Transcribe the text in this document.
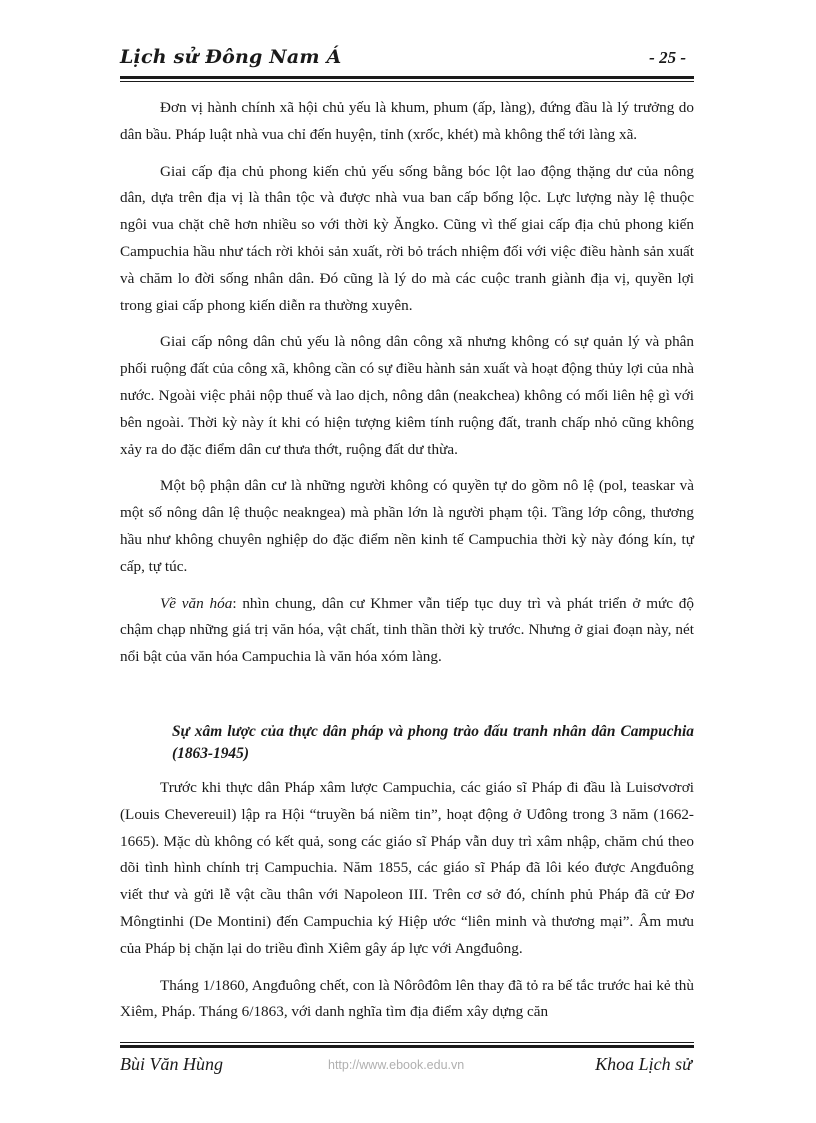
Lịch sử Đông Nam Á	- 25 -

Đơn vị hành chính xã hội chủ yếu là khum, phum (ấp, làng), đứng đầu là lý trưởng do dân bầu. Pháp luật nhà vua chỉ đến huyện, tỉnh (xrốc, khét) mà không thể tới làng xã.

Giai cấp địa chủ phong kiến chủ yếu sống bằng bóc lột lao động thặng dư của nông dân, dựa trên địa vị là thân tộc và được nhà vua ban cấp bổng lộc. Lực lượng này lệ thuộc ngôi vua chặt chẽ hơn nhiều so với thời kỳ Ăngko. Cũng vì thế giai cấp địa chủ phong kiến Campuchia hầu như tách rời khỏi sản xuất, rời bỏ trách nhiệm đối với việc điều hành sản xuất và chăm lo đời sống nhân dân. Đó cũng là lý do mà các cuộc tranh giành địa vị, quyền lợi trong giai cấp phong kiến diễn ra thường xuyên.

Giai cấp nông dân chủ yếu là nông dân công xã nhưng không có sự quản lý và phân phối ruộng đất của công xã, không cần có sự điều hành sản xuất và hoạt động thủy lợi của nhà nước. Ngoài việc phải nộp thuế và lao dịch, nông dân (neakchea) không có mối liên hệ gì với bên ngoài. Thời kỳ này ít khi có hiện tượng kiêm tính ruộng đất, tranh chấp nhỏ cũng không xảy ra do đặc điểm dân cư thưa thớt, ruộng đất dư thừa.

Một bộ phận dân cư là những người không có quyền tự do gồm nô lệ (pol, teaskar và một số nông dân lệ thuộc neakngea) mà phần lớn là người phạm tội. Tầng lớp công, thương hầu như không chuyên nghiệp do đặc điểm nền kinh tế Campuchia thời kỳ này đóng kín, tự cấp, tự túc.

Về văn hóa: nhìn chung, dân cư Khmer vẫn tiếp tục duy trì và phát triển ở mức độ chậm chạp những giá trị văn hóa, vật chất, tinh thần thời kỳ trước. Nhưng ở giai đoạn này, nét nổi bật của văn hóa Campuchia là văn hóa xóm làng.

Sự xâm lược của thực dân pháp và phong trào đấu tranh nhân dân Campuchia (1863-1945)

Trước khi thực dân Pháp xâm lược Campuchia, các giáo sĩ Pháp đi đầu là Luisơvơrơi (Louis Chevereuil) lập ra Hội “truyền bá niềm tin”, hoạt động ở Uđông trong 3 năm (1662-1665). Mặc dù không có kết quả, song các giáo sĩ Pháp vẫn duy trì xâm nhập, chăm chú theo dõi tình hình chính trị Campuchia. Năm 1855, các giáo sĩ Pháp đã lôi kéo được Angđuông viết thư và gửi lễ vật cầu thân với Napoleon III. Trên cơ sở đó, chính phủ Pháp đã cử Đơ Môngtinhi (De Montini) đến Campuchia ký Hiệp ước “liên minh và thương mại”. Âm mưu của Pháp bị chặn lại do triều đình Xiêm gây áp lực với Angđuông.

Tháng 1/1860, Angđuông chết, con là Nôrôđôm lên thay đã tỏ ra bế tắc trước hai kẻ thù Xiêm, Pháp. Tháng 6/1863, với danh nghĩa tìm địa điểm xây dựng căn

Bùi Văn Hùng	http://www.ebook.edu.vn	Khoa Lịch sử
